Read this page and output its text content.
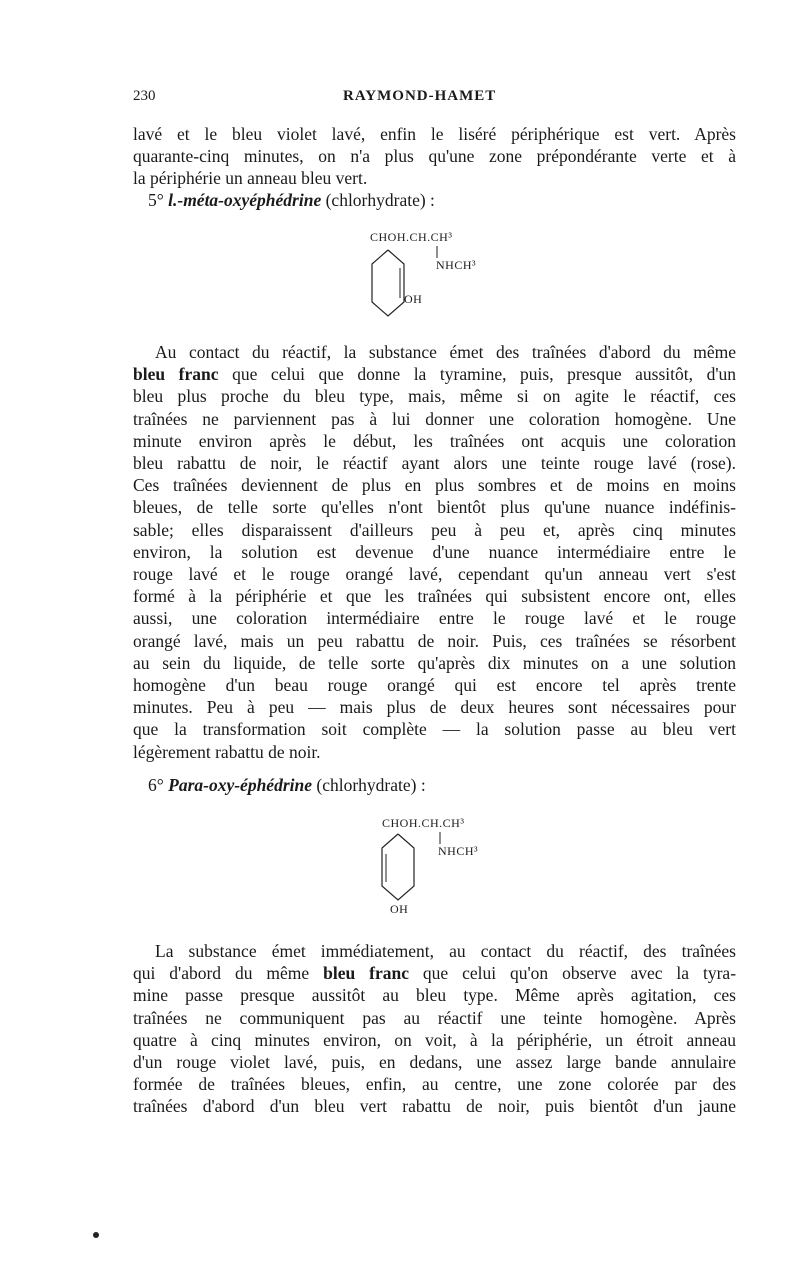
230	RAYMOND-HAMET
lavé et le bleu violet lavé, enfin le liséré périphérique est vert. Après
quarante-cinq minutes, on n'a plus qu'une zone prépondérante verte et à
la périphérie un anneau bleu vert.
5° l.-méta-oxyéphédrine (chlorhydrate) :
CHOH.CH.CH³
NHCH³
OH
Au contact du réactif, la substance émet des traînées d'abord du même
bleu franc que celui que donne la tyramine, puis, presque aussitôt, d'un
bleu plus proche du bleu type, mais, même si on agite le réactif, ces
traînées ne parviennent pas à lui donner une coloration homogène. Une
minute environ après le début, les traînées ont acquis une coloration
bleu rabattu de noir, le réactif ayant alors une teinte rouge lavé (rose).
Ces traînées deviennent de plus en plus sombres et de moins en moins
bleues, de telle sorte qu'elles n'ont bientôt plus qu'une nuance indéfinis-
sable; elles disparaissent d'ailleurs peu à peu et, après cinq minutes
environ, la solution est devenue d'une nuance intermédiaire entre le
rouge lavé et le rouge orangé lavé, cependant qu'un anneau vert s'est
formé à la périphérie et que les traînées qui subsistent encore ont, elles
aussi, une coloration intermédiaire entre le rouge lavé et le rouge
orangé lavé, mais un peu rabattu de noir. Puis, ces traînées se résorbent
au sein du liquide, de telle sorte qu'après dix minutes on a une solution
homogène d'un beau rouge orangé qui est encore tel après trente
minutes. Peu à peu — mais plus de deux heures sont nécessaires pour
que la transformation soit complète — la solution passe au bleu vert
légèrement rabattu de noir.
6° Para-oxy-éphédrine (chlorhydrate) :
CHOH.CH.CH³
NHCH³
OH
La substance émet immédiatement, au contact du réactif, des traînées
qui d'abord du même bleu franc que celui qu'on observe avec la tyra-
mine passe presque aussitôt au bleu type. Même après agitation, ces
traînées ne communiquent pas au réactif une teinte homogène. Après
quatre à cinq minutes environ, on voit, à la périphérie, un étroit anneau
d'un rouge violet lavé, puis, en dedans, une assez large bande annulaire
formée de traînées bleues, enfin, au centre, une zone colorée par des
traînées d'abord d'un bleu vert rabattu de noir, puis bientôt d'un jaune
